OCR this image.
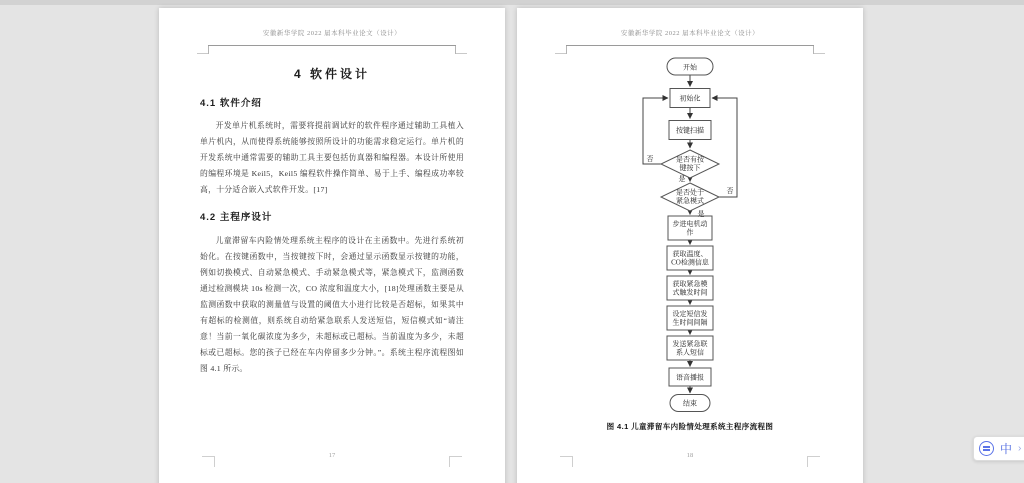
安徽新华学院 2022 届本科毕业论文（设计）
4 软件设计
4.1 软件介绍
开发单片机系统时，需要将提前调试好的软件程序通过辅助工具植入单片机内，从而使得系统能够按照所设计的功能需求稳定运行。单片机的开发系统中通常需要的辅助工具主要包括仿真器和编程器。本设计所使用的编程环境是 Keil5，Keil5 编程软件操作简单、易于上手、编程成功率较高，十分适合嵌入式软件开发。[17]
4.2 主程序设计
儿童滞留车内险情处理系统主程序的设计在主函数中。先进行系统初始化。在按键函数中，当按键按下时，会通过显示函数显示按键的功能，例如切换模式、自动紧急模式、手动紧急模式等，紧急模式下，监测函数通过检测模块 10s 检测一次，CO 浓度和温度大小，[18]处理函数主要是从监测函数中获取的测量值与设置的阈值大小进行比较是否超标，如果其中有超标的检测值，则系统自动给紧急联系人发送短信，短信模式如“请注意！当前一氧化碳浓度为多少，未超标或已超标。当前温度为多少，未超标或已超标。您的孩子已经在车内停留多少分钟。”。系统主程序流程图如图 4.1 所示。
17
安徽新华学院 2022 届本科毕业论文（设计）
开始
初始化
按键扫描
是否有按
键按下
是否处于
紧急模式
步进电机动
作
获取温度、
CO检测信息
获取紧急模
式触发时间
设定短信发
生时间间隔
发送紧急联
系人短信
语音播报
结束
否
是
否
是
图 4.1 儿童滞留车内险情处理系统主程序流程图
18	中 ›
